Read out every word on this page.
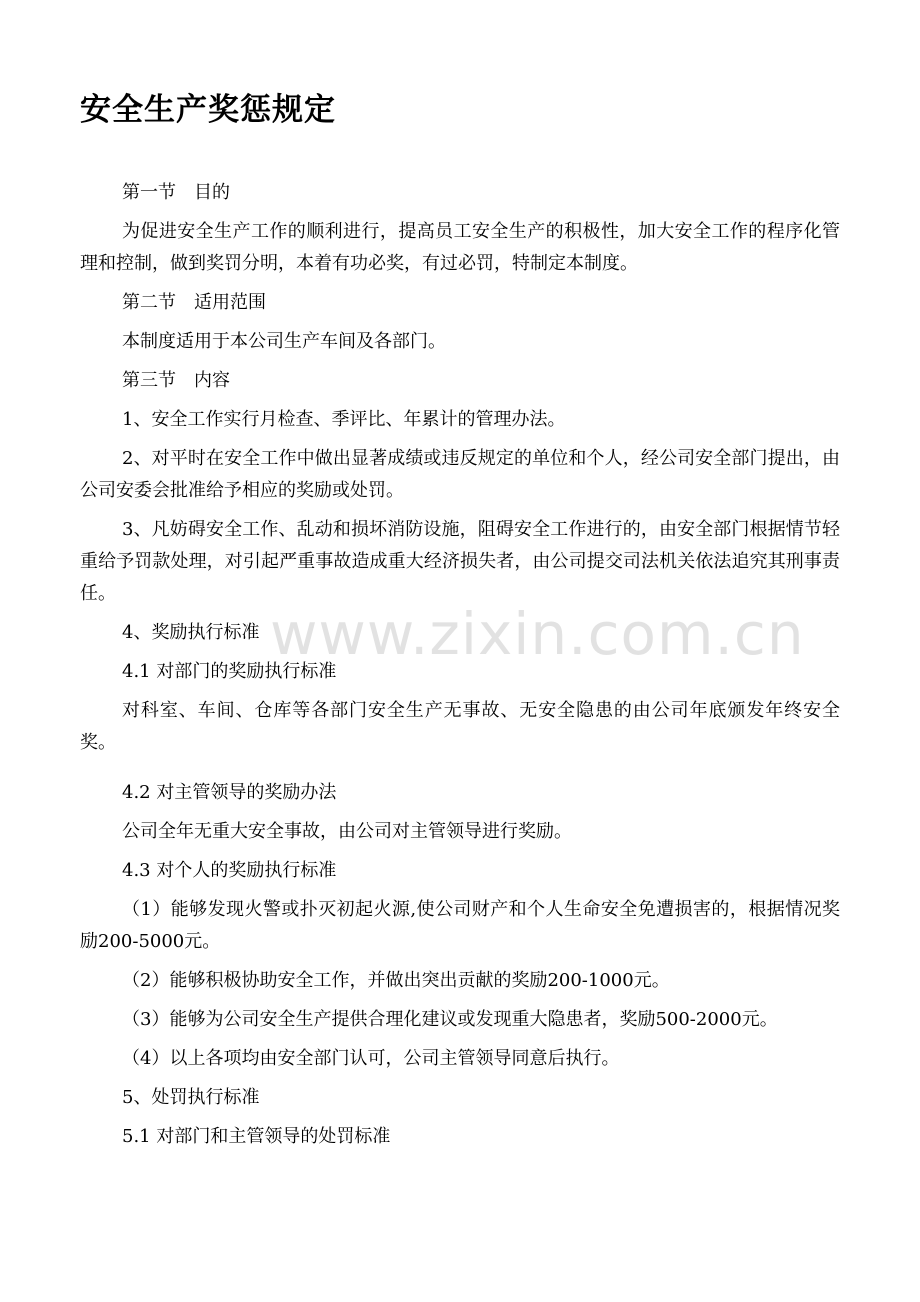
安全生产奖惩规定

第一节　目的

为促进安全生产工作的顺利进行，提高员工安全生产的积极性，加大安全工作的程序化管理和控制，做到奖罚分明，本着有功必奖，有过必罚，特制定本制度。

第二节　适用范围

本制度适用于本公司生产车间及各部门。

第三节　内容

1、安全工作实行月检查、季评比、年累计的管理办法。

2、对平时在安全工作中做出显著成绩或违反规定的单位和个人，经公司安全部门提出，由公司安委会批准给予相应的奖励或处罚。

3、凡妨碍安全工作、乱动和损坏消防设施，阻碍安全工作进行的，由安全部门根据情节轻重给予罚款处理，对引起严重事故造成重大经济损失者，由公司提交司法机关依法追究其刑事责任。

4、奖励执行标准

4.1 对部门的奖励执行标准

对科室、车间、仓库等各部门安全生产无事故、无安全隐患的由公司年底颁发年终安全奖。

4.2 对主管领导的奖励办法

公司全年无重大安全事故，由公司对主管领导进行奖励。

4.3 对个人的奖励执行标准

（1）能够发现火警或扑灭初起火源,使公司财产和个人生命安全免遭损害的，根据情况奖励200-5000元。

（2）能够积极协助安全工作，并做出突出贡献的奖励200-1000元。

（3）能够为公司安全生产提供合理化建议或发现重大隐患者，奖励500-2000元。

（4）以上各项均由安全部门认可，公司主管领导同意后执行。

5、处罚执行标准

5.1 对部门和主管领导的处罚标准

www.zixin.com.cn
